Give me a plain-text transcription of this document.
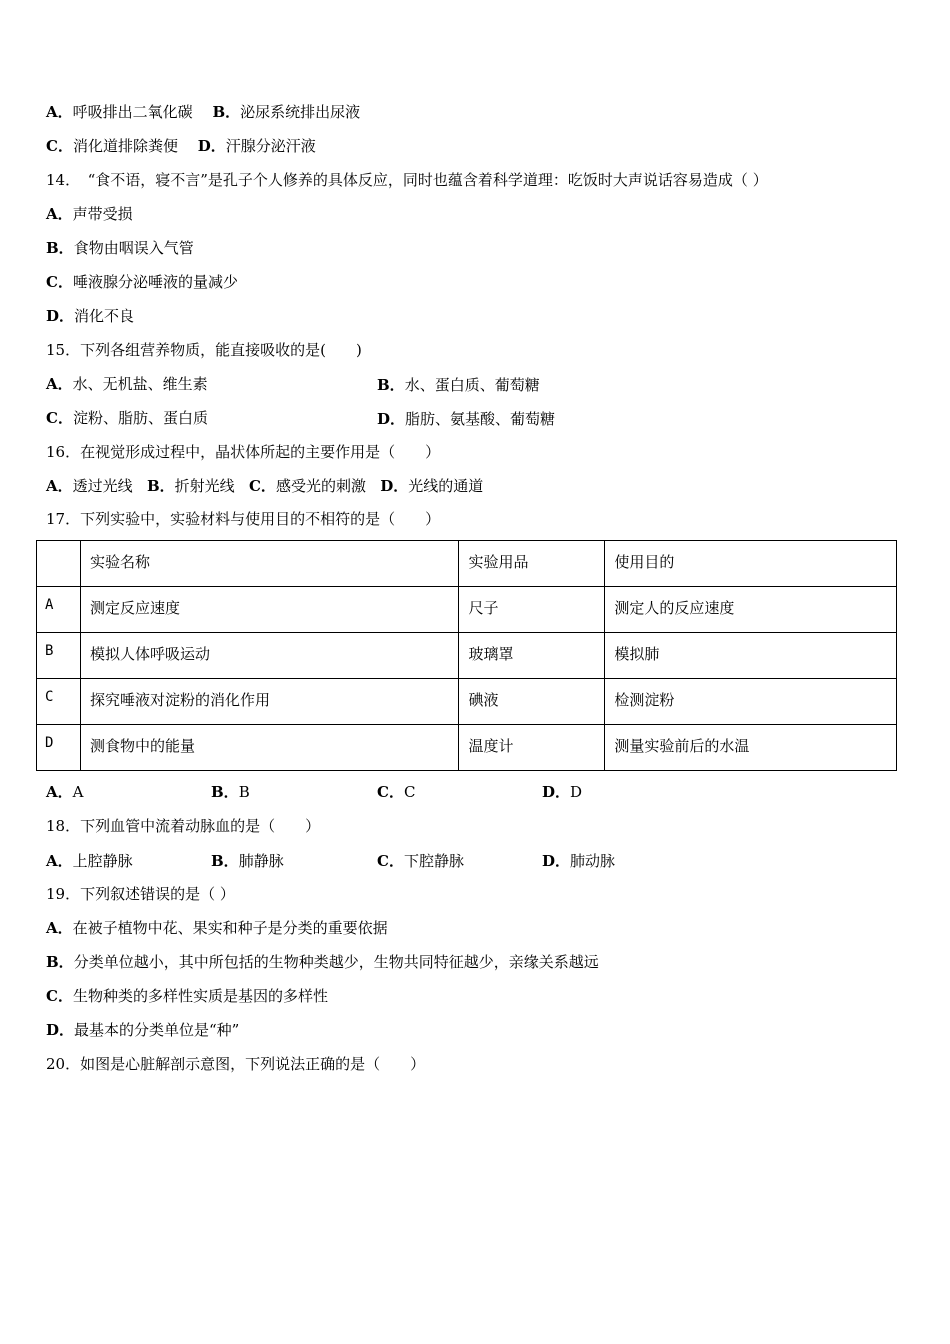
A．呼吸排出二氧化碳　 B．泌尿系统排出尿液
C．消化道排除粪便　 D．汗腺分泌汗液
14．　“食不语，寝不言”是孔子个人修养的具体反应，同时也蕴含着科学道理：吃饭时大声说话容易造成（ ）
A．声带受损
B．食物由咽误入气管
C．唾液腺分泌唾液的量减少
D．消化不良
15．下列各组营养物质，能直接吸收的是(　　)
A．水、无机盐、维生素	B．水、蛋白质、葡萄糖
C．淀粉、脂肪、蛋白质	D．脂肪、氨基酸、葡萄糖
16．在视觉形成过程中，晶状体所起的主要作用是（　　）
A．透过光线 B．折射光线 C．感受光的刺激 D．光线的通道
17．下列实验中，实验材料与使用目的不相符的是（　　）
	实验名称	实验用品	使用目的
A	测定反应速度	尺子	测定人的反应速度
B	模拟人体呼吸运动	玻璃罩	模拟肺
C	探究唾液对淀粉的消化作用	碘液	检测淀粉
D	测食物中的能量	温度计	测量实验前后的水温
A．A	B．B	C．C	D．D
18．下列血管中流着动脉血的是（　　）
A．上腔静脉	B．肺静脉	C．下腔静脉	D．肺动脉
19．下列叙述错误的是（ ）
A．在被子植物中花、果实和种子是分类的重要依据
B．分类单位越小，其中所包括的生物种类越少，生物共同特征越少，亲缘关系越远
C．生物种类的多样性实质是基因的多样性
D．最基本的分类单位是“种”
20．如图是心脏解剖示意图，下列说法正确的是（　　）
